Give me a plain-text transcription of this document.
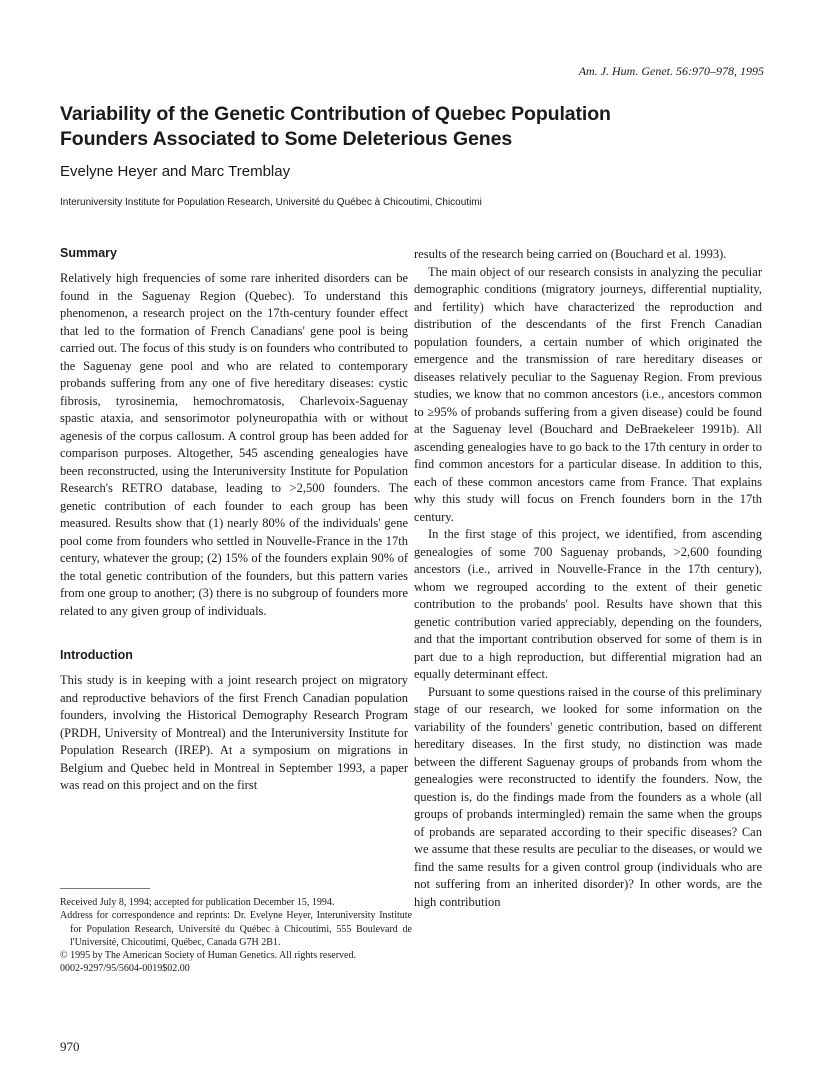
Am. J. Hum. Genet. 56:970–978, 1995
Variability of the Genetic Contribution of Quebec Population
Founders Associated to Some Deleterious Genes
Evelyne Heyer and Marc Tremblay
Interuniversity Institute for Population Research, Université du Québec à Chicoutimi, Chicoutimi
Summary

Relatively high frequencies of some rare inherited disorders can be found in the Saguenay Region (Quebec). To understand this phenomenon, a research project on the 17th-century founder effect that led to the formation of French Canadians' gene pool is being carried out. The focus of this study is on founders who contributed to the Saguenay gene pool and who are related to contemporary probands suffering from any one of five hereditary diseases: cystic fibrosis, tyrosinemia, hemochromatosis, Charlevoix-Saguenay spastic ataxia, and sensorimotor polyneuropathia with or without agenesis of the corpus callosum. A control group has been added for comparison purposes. Altogether, 545 ascending genealogies have been reconstructed, using the Interuniversity Institute for Population Research's RETRO database, leading to >2,500 founders. The genetic contribution of each founder to each group has been measured. Results show that (1) nearly 80% of the individuals' gene pool come from founders who settled in Nouvelle-France in the 17th century, whatever the group; (2) 15% of the founders explain 90% of the total genetic contribution of the founders, but this pattern varies from one group to another; (3) there is no subgroup of founders more related to any given group of individuals.

Introduction

This study is in keeping with a joint research project on migratory and reproductive behaviors of the first French Canadian population founders, involving the Historical Demography Research Program (PRDH, University of Montreal) and the Interuniversity Institute for Population Research (IREP). At a symposium on migrations in Belgium and Quebec held in Montreal in September 1993, a paper was read on this project and on the first

Received July 8, 1994; accepted for publication December 15, 1994.

Address for correspondence and reprints: Dr. Evelyne Heyer, Interuniversity Institute for Population Research, Université du Québec à Chicoutimi, 555 Boulevard de l'Université, Chicoutimi, Québec, Canada G7H 2B1.

© 1995 by The American Society of Human Genetics. All rights reserved.

0002-9297/95/5604-0019$02.00

results of the research being carried on (Bouchard et al. 1993).

The main object of our research consists in analyzing the peculiar demographic conditions (migratory journeys, differential nuptiality, and fertility) which have characterized the reproduction and distribution of the descendants of the first French Canadian population founders, a certain number of which originated the emergence and the transmission of rare hereditary diseases or diseases relatively peculiar to the Saguenay Region. From previous studies, we know that no common ancestors (i.e., ancestors common to ≥95% of probands suffering from a given disease) could be found at the Saguenay level (Bouchard and DeBraekeleer 1991b). All ascending genealogies have to go back to the 17th century in order to find common ancestors for a particular disease. In addition to this, each of these common ancestors came from France. That explains why this study will focus on French founders born in the 17th century.

In the first stage of this project, we identified, from ascending genealogies of some 700 Saguenay probands, >2,600 founding ancestors (i.e., arrived in Nouvelle-France in the 17th century), whom we regrouped according to the extent of their genetic contribution to the probands' pool. Results have shown that this genetic contribution varied appreciably, depending on the founders, and that the important contribution observed for some of them is in part due to a high reproduction, but differential migration had an equally determinant effect.

Pursuant to some questions raised in the course of this preliminary stage of our research, we looked for some information on the variability of the founders' genetic contribution, based on different hereditary diseases. In the first study, no distinction was made between the different Saguenay groups of probands from whom the genealogies were reconstructed to identify the founders. Now, the question is, do the findings made from the founders as a whole (all groups of probands intermingled) remain the same when the groups of probands are separated according to their specific diseases? Can we assume that these results are peculiar to the diseases, or would we find the same results for a given control group (individuals who are not suffering from an inherited disorder)? In other words, are the high contribution

970
